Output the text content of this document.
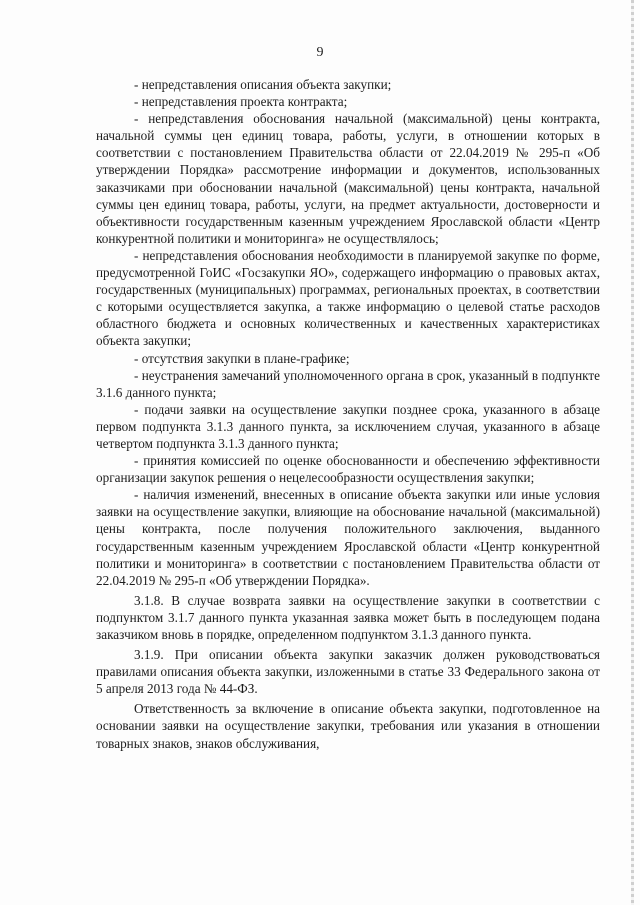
9

- непредставления описания объекта закупки;

- непредставления проекта контракта;

- непредставления обоснования начальной (максимальной) цены контракта, начальной суммы цен единиц товара, работы, услуги, в отношении которых в соответствии с постановлением Правительства области от 22.04.2019 № 295-п «Об утверждении Порядка» рассмотрение информации и документов, использованных заказчиками при обосновании начальной (максимальной) цены контракта, начальной суммы цен единиц товара, работы, услуги, на предмет актуальности, достоверности и объективности государственным казенным учреждением Ярославской области «Центр конкурентной политики и мониторинга» не осуществлялось;

- непредставления обоснования необходимости в планируемой закупке по форме, предусмотренной ГоИС «Госзакупки ЯО», содержащего информацию о правовых актах, государственных (муниципальных) программах, региональных проектах, в соответствии с которыми осуществляется закупка, а также информацию о целевой статье расходов областного бюджета и основных количественных и качественных характеристиках объекта закупки;

- отсутствия закупки в плане-графике;

- неустранения замечаний уполномоченного органа в срок, указанный в подпункте 3.1.6 данного пункта;

- подачи заявки на осуществление закупки позднее срока, указанного в абзаце первом подпункта 3.1.3 данного пункта, за исключением случая, указанного в абзаце четвертом подпункта 3.1.3 данного пункта;

- принятия комиссией по оценке обоснованности и обеспечению эффективности организации закупок решения о нецелесообразности осуществления закупки;

- наличия изменений, внесенных в описание объекта закупки или иные условия заявки на осуществление закупки, влияющие на обоснование начальной (максимальной) цены контракта, после получения положительного заключения, выданного государственным казенным учреждением Ярославской области «Центр конкурентной политики и мониторинга» в соответствии с постановлением Правительства области от 22.04.2019 № 295-п «Об утверждении Порядка».

3.1.8. В случае возврата заявки на осуществление закупки в соответствии с подпунктом 3.1.7 данного пункта указанная заявка может быть в последующем подана заказчиком вновь в порядке, определенном подпунктом 3.1.3 данного пункта.

3.1.9. При описании объекта закупки заказчик должен руководствоваться правилами описания объекта закупки, изложенными в статье 33 Федерального закона от 5 апреля 2013 года № 44-ФЗ.

Ответственность за включение в описание объекта закупки, подготовленное на основании заявки на осуществление закупки, требования или указания в отношении товарных знаков, знаков обслуживания,
